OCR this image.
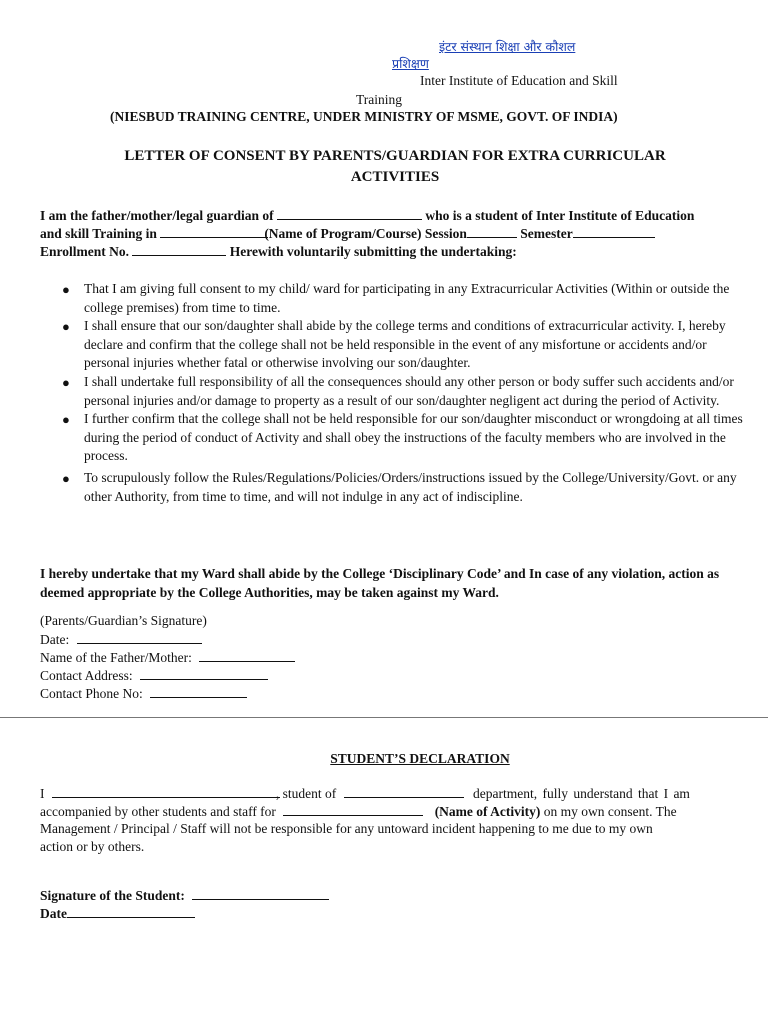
इंटर संस्थान शिक्षा और कौशल
प्रशिक्षण
Inter Institute of Education and Skill
Training
(NIESBUD TRAINING CENTRE, UNDER MINISTRY OF MSME, GOVT. OF INDIA)
LETTER OF CONSENT BY PARENTS/GUARDIAN FOR EXTRA CURRICULAR
ACTIVITIES
I am the father/mother/legal guardian of	who is a student of Inter Institute of Education
and skill Training in	(Name of Program/Course) Session	Semester
Enrollment No.	Herewith voluntarily submitting the undertaking:
● That I am giving full consent to my child/ ward for participating in any Extracurricular Activities (Within or outside the college premises) from time to time.
● I shall ensure that our son/daughter shall abide by the college terms and conditions of extracurricular activity. I, hereby declare and confirm that the college shall not be held responsible in the event of any misfortune or accidents and/or personal injuries whether fatal or otherwise involving our son/daughter.
● I shall undertake full responsibility of all the consequences should any other person or body suffer such accidents and/or personal injuries and/or damage to property as a result of our son/daughter negligent act during the period of Activity.
● I further confirm that the college shall not be held responsible for our son/daughter misconduct or wrongdoing at all times during the period of conduct of Activity and shall obey the instructions of the faculty members who are involved in the process.
● To scrupulously follow the Rules/Regulations/Policies/Orders/instructions issued by the College/University/Govt. or any other Authority, from time to time, and will not indulge in any act of indiscipline.
I hereby undertake that my Ward shall abide by the College ‘Disciplinary Code’ and In case of any violation, action as deemed appropriate by the College Authorities, may be taken against my Ward.
(Parents/Guardian’s Signature)
Date:
Name of the Father/Mother:
Contact Address:
Contact Phone No:
STUDENT’S DECLARATION
I	, student of	department, fully understand that I am
accompanied by other students and staff for	(Name of Activity) on my own consent. The
Management / Principal / Staff will not be responsible for any untoward incident happening to me due to my own
action or by others.
Signature of the Student:
Date
